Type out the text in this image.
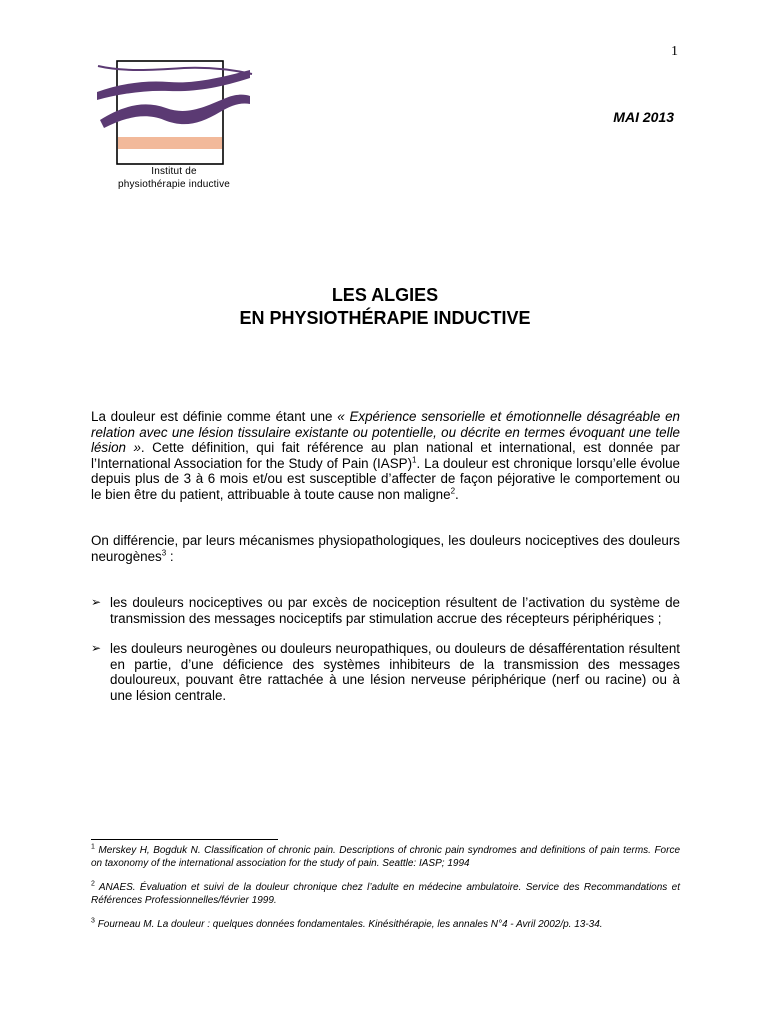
1
Institut de
physiothérapie inductive
MAI 2013
LES ALGIES
EN PHYSIOTHÉRAPIE INDUCTIVE

La douleur est définie comme étant une « Expérience sensorielle et émotionnelle désagréable en relation avec une lésion tissulaire existante ou potentielle, ou décrite en termes évoquant une telle lésion ». Cette définition, qui fait référence au plan national et international, est donnée par l’International Association for the Study of Pain (IASP)$^1$. La douleur est chronique lorsqu’elle évolue depuis plus de 3 à 6 mois et/ou est susceptible d’affecter de façon péjorative le comportement ou le bien être du patient, attribuable à toute cause non maligne$^2$.

On différencie, par leurs mécanismes physiopathologiques, les douleurs nociceptives des douleurs neurogènes$^3$ :

➢ les douleurs nociceptives ou par excès de nociception résultent de l’activation du système de transmission des messages nociceptifs par stimulation accrue des récepteurs périphériques ;
➢ les douleurs neurogènes ou douleurs neuropathiques, ou douleurs de désafférentation résultent en partie, d’une déficience des systèmes inhibiteurs de la transmission des messages douloureux, pouvant être rattachée à une lésion nerveuse périphérique (nerf ou racine) ou à une lésion centrale.

$^1$ Merskey H, Bogduk N. Classification of chronic pain. Descriptions of chronic pain syndromes and definitions of pain terms. Force on taxonomy of the international association for the study of pain. Seattle: IASP; 1994

$^2$ ANAES. Évaluation et suivi de la douleur chronique chez l’adulte en médecine ambulatoire. Service des Recommandations et Références Professionnelles/février 1999.

$^3$ Fourneau M. La douleur : quelques données fondamentales. Kinésithérapie, les annales N°4 - Avril 2002/p. 13-34.
